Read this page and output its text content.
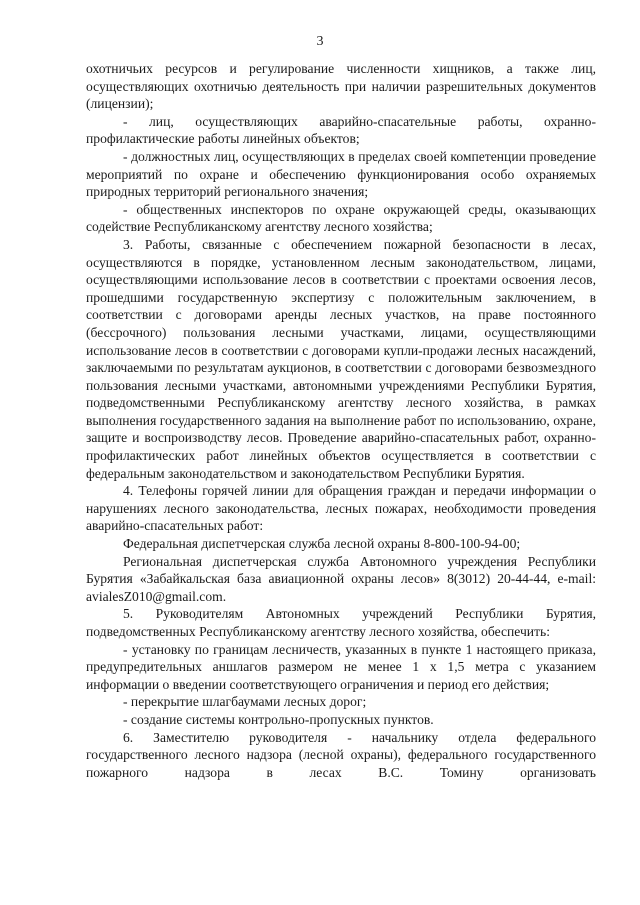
3

охотничьих ресурсов и регулирование численности хищников, а также лиц, осуществляющих охотничью деятельность при наличии разрешительных документов (лицензии);

- лиц, осуществляющих аварийно-спасательные работы, охранно-профилактические работы линейных объектов;

- должностных лиц, осуществляющих в пределах своей компетенции проведение мероприятий по охране и обеспечению функционирования особо охраняемых природных территорий регионального значения;

- общественных инспекторов по охране окружающей среды, оказывающих содействие Республиканскому агентству лесного хозяйства;

3. Работы, связанные с обеспечением пожарной безопасности в лесах, осуществляются в порядке, установленном лесным законодательством, лицами, осуществляющими использование лесов в соответствии с проектами освоения лесов, прошедшими государственную экспертизу с положительным заключением, в соответствии с договорами аренды лесных участков, на праве постоянного (бессрочного) пользования лесными участками, лицами, осуществляющими использование лесов в соответствии с договорами купли-продажи лесных насаждений, заключаемыми по результатам аукционов, в соответствии с договорами безвозмездного пользования лесными участками, автономными учреждениями Республики Бурятия, подведомственными Республиканскому агентству лесного хозяйства, в рамках выполнения государственного задания на выполнение работ по использованию, охране, защите и воспроизводству лесов. Проведение аварийно-спасательных работ, охранно-профилактических работ линейных объектов осуществляется в соответствии с федеральным законодательством и законодательством Республики Бурятия.

4. Телефоны горячей линии для обращения граждан и передачи информации о нарушениях лесного законодательства, лесных пожарах, необходимости проведения аварийно-спасательных работ:

Федеральная диспетчерская служба лесной охраны 8-800-100-94-00;

Региональная диспетчерская служба Автономного учреждения Республики Бурятия «Забайкальская база авиационной охраны лесов» 8(3012) 20-44-44, e-mail: avialesZ010@gmail.com.

5. Руководителям Автономных учреждений Республики Бурятия, подведомственных Республиканскому агентству лесного хозяйства, обеспечить:

- установку по границам лесничеств, указанных в пункте 1 настоящего приказа, предупредительных аншлагов размером не менее 1 x 1,5 метра с указанием информации о введении соответствующего ограничения и период его действия;

- перекрытие шлагбаумами лесных дорог;

- создание системы контрольно-пропускных пунктов.

6. Заместителю руководителя - начальнику отдела федерального государственного лесного надзора (лесной охраны), федерального государственного пожарного надзора в лесах В.С. Томину организовать
